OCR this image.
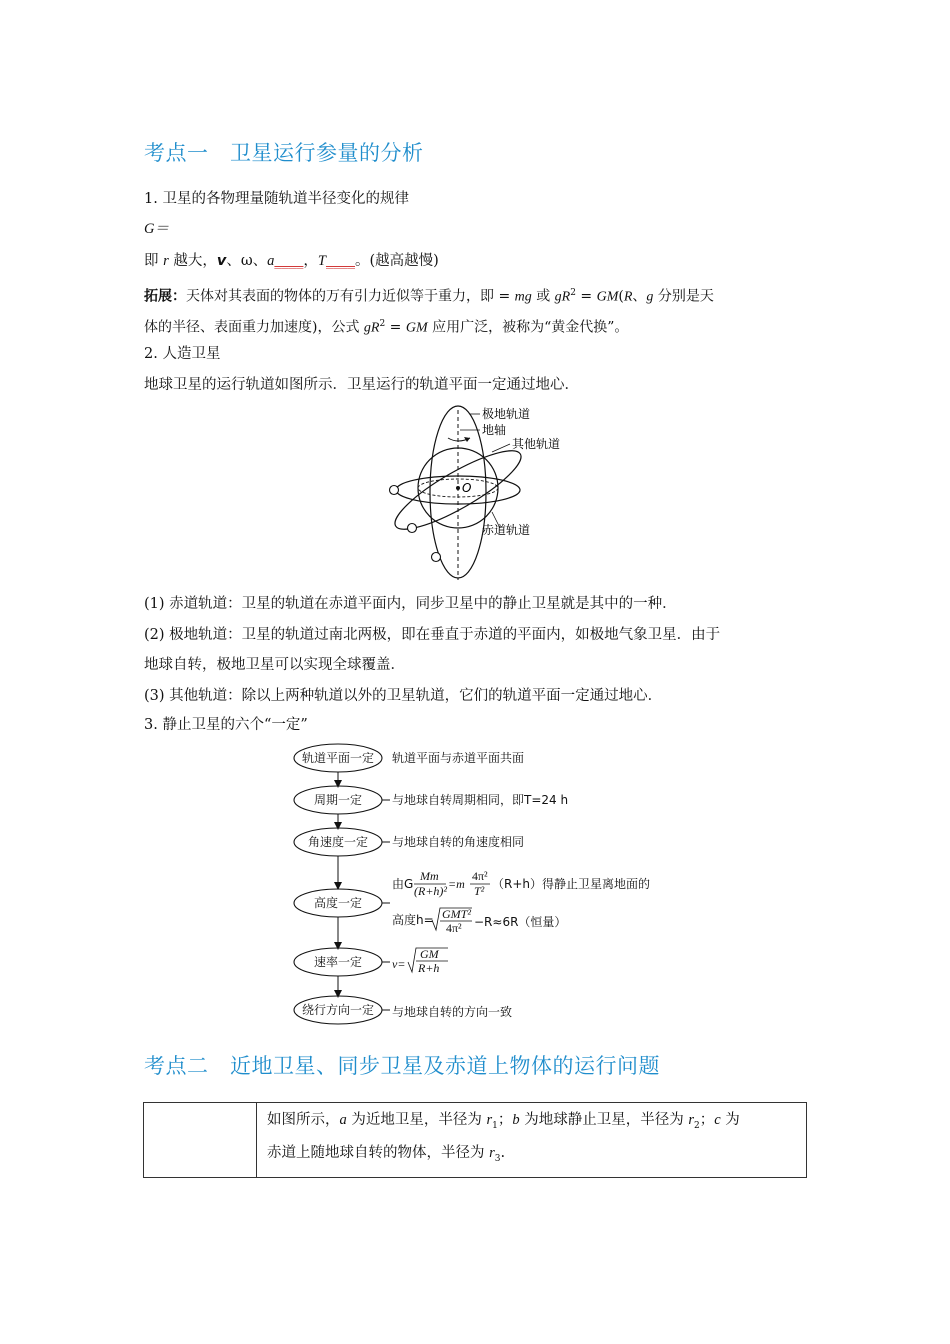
考点一　卫星运行参量的分析
1. 卫星的各物理量随轨道半径变化的规律
G＝
即 r 越大，v、ω、a____，T____。(越高越慢)
拓展：天体对其表面的物体的万有引力近似等于重力，即 = mg 或 $gR^2 = GM(R$、g 分别是天
体的半径、表面重力加速度)，公式 $gR^2$ = GM 应用广泛，被称为“黄金代换”。
2. 人造卫星
地球卫星的运行轨道如图所示．卫星运行的轨道平面一定通过地心．
O
极地轨道
地轴
其他轨道
赤道轨道
(1) 赤道轨道：卫星的轨道在赤道平面内，同步卫星中的静止卫星就是其中的一种．
(2) 极地轨道：卫星的轨道过南北两极，即在垂直于赤道的平面内，如极地气象卫星．由于
地球自转，极地卫星可以实现全球覆盖．
(3) 其他轨道：除以上两种轨道以外的卫星轨道，它们的轨道平面一定通过地心．
3. 静止卫星的六个“一定”
轨道平面一定 轨道平面与赤道平面共面
周期一定 与地球自转周期相同，即T=24 h
角速度一定 与地球自转的角速度相同
高度一定
由G
Mm
(R+h)² =m
4π²
T² （R+h）得静止卫星离地面的
高度h= GMT²
4π² −R≈6R（恒量）
速率一定 v=
GM
R+h
绕行方向一定 与地球自转的方向一致
考点二　近地卫星、同步卫星及赤道上物体的运行问题
	如图所示，a 为近地卫星，半径为 $r_1$；b 为地球静止卫星，半径为 $r_2$；c 为
赤道上随地球自转的物体，半径为 $r_3$.
